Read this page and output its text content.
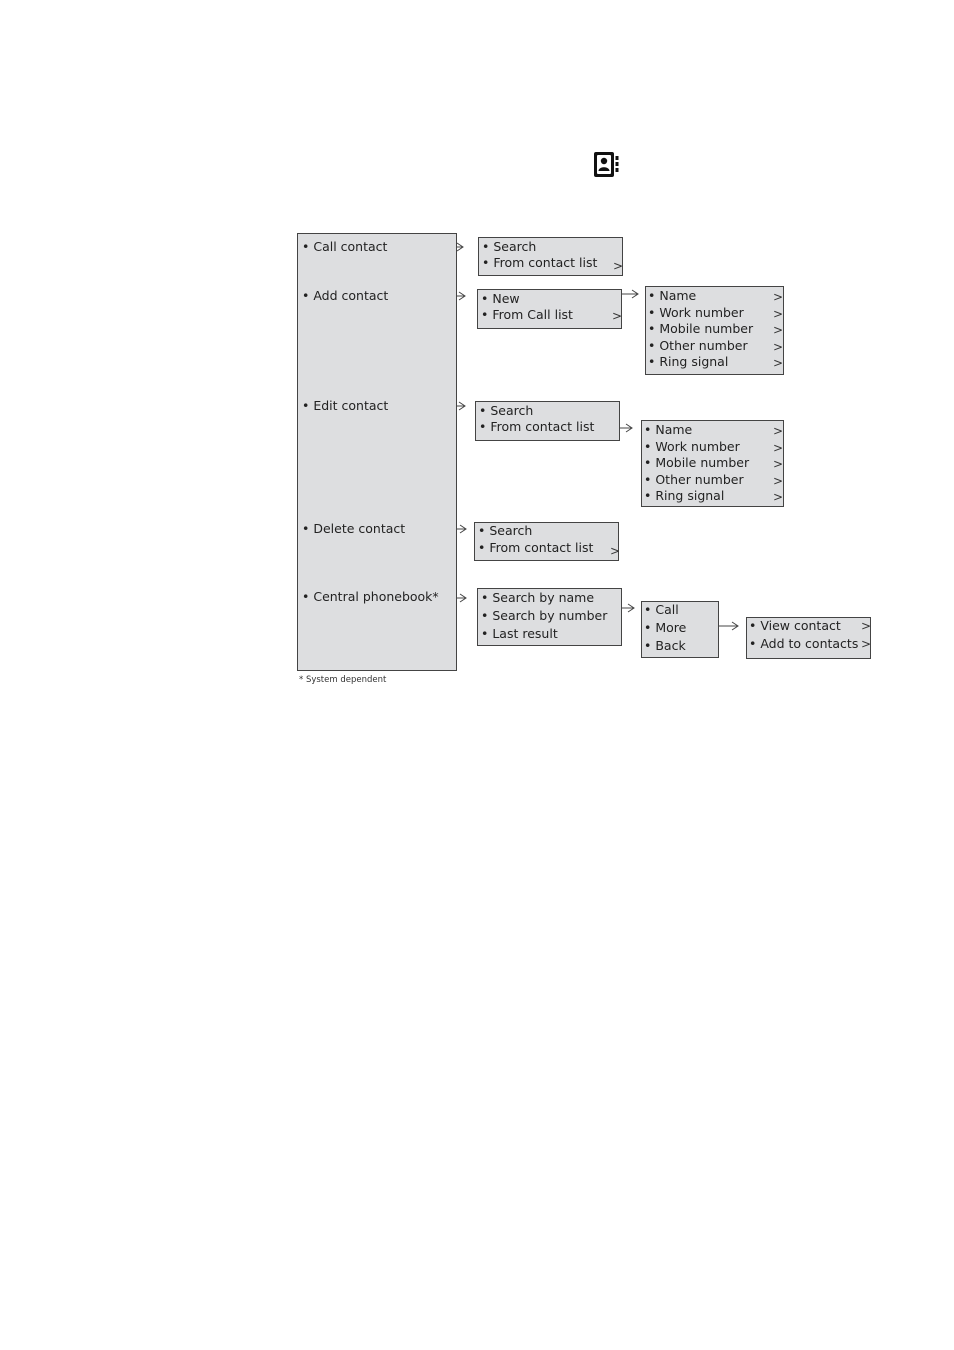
• Call contact
• Add contact
• Edit contact
• Delete contact
• Central phonebook*
• Search
• From contact list >
• New
• From Call list	>
• Name
• Work number
• Mobile number
• Other number
• Ring signal
>
>
>
>
>
• Search
• From contact list	• Name
• Work number
• Mobile number
• Other number
• Ring signal
>
>
>
>
>
• Search
• From contact list >
• Search by name
• Search by number
• Last result
• Call
• More
• Back
• View contact
• Add to contacts
>
>
* System dependent
